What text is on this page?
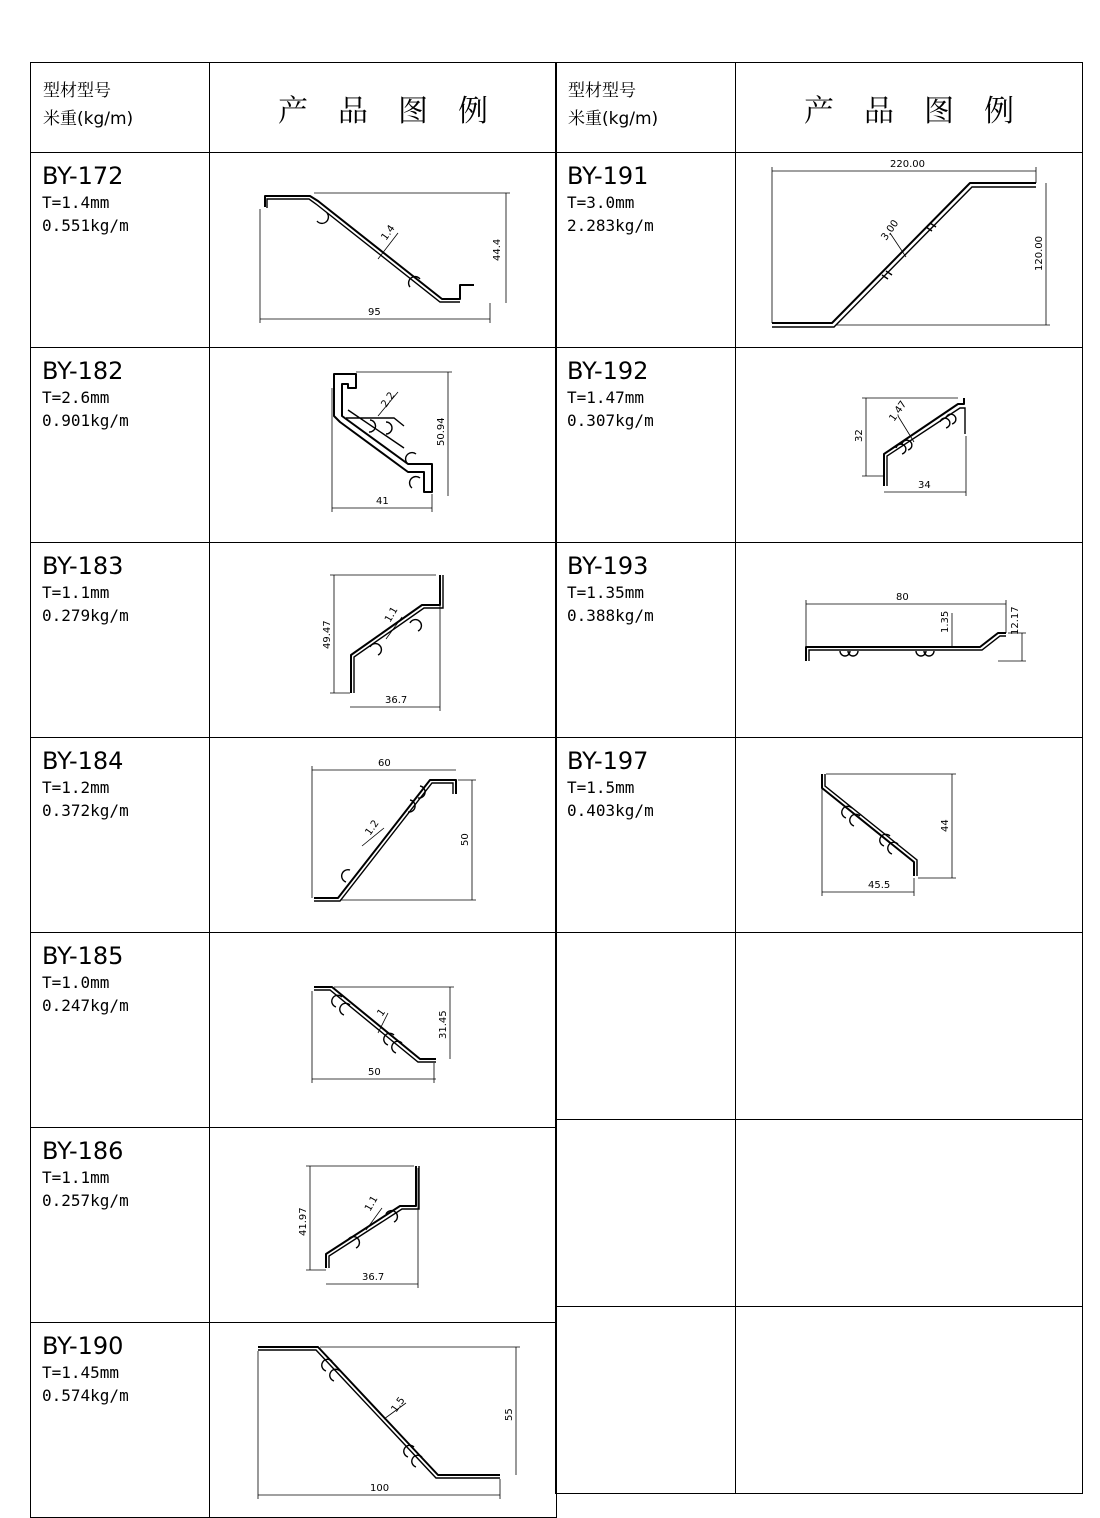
型材型号
米重(kg/m)	产品图例

BY-172
T=1.4mm
0.551kg/m	1.4
95
44.4

BY-182
T=2.6mm
0.901kg/m	2.2
41
50.94

BY-183
T=1.1mm
0.279kg/m	1.1
36.7
49.47

BY-184
T=1.2mm
0.372kg/m	1.2
60
50

BY-185
T=1.0mm
0.247kg/m	1
50
31.45

BY-186
T=1.1mm
0.257kg/m	1.1
36.7
41.97

BY-190
T=1.45mm
0.574kg/m	1.5
100
55
型材型号
米重(kg/m)	产品图例

BY-191
T=3.0mm
2.283kg/m	3.00
220.00
120.00

BY-192
T=1.47mm
0.307kg/m	1.47
34
32

BY-193
T=1.35mm
0.388kg/m	1.35
80
12.17

BY-197
T=1.5mm
0.403kg/m	45.5
44
